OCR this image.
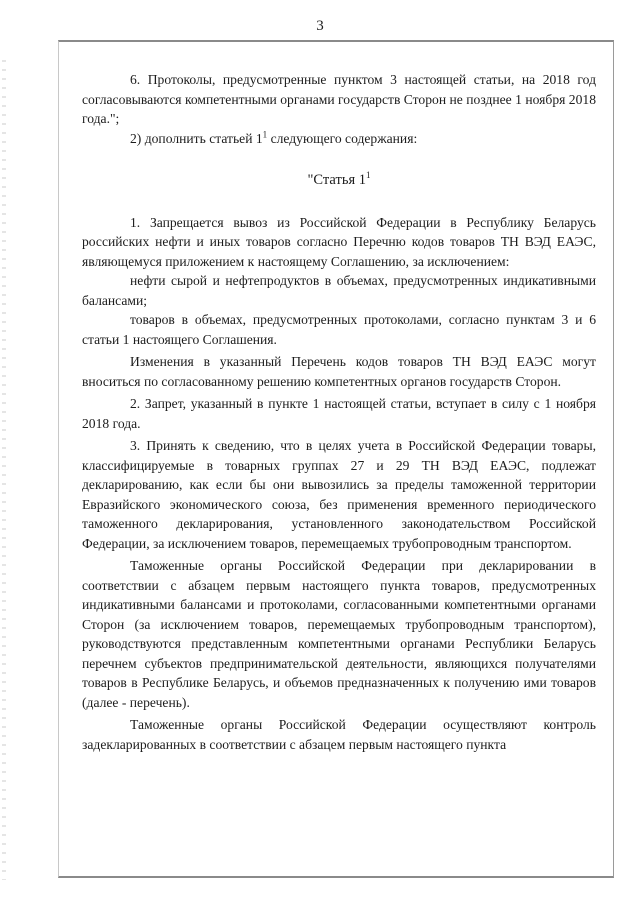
3

6. Протоколы, предусмотренные пунктом 3 настоящей статьи, на 2018 год согласовываются компетентными органами государств Сторон не позднее 1 ноября 2018 года.";

2) дополнить статьей $1^1$ следующего содержания:

"Статья $1^1$

1. Запрещается вывоз из Российской Федерации в Республику Беларусь российских нефти и иных товаров согласно Перечню кодов товаров ТН ВЭД ЕАЭС, являющемуся приложением к настоящему Соглашению, за исключением:

нефти сырой и нефтепродуктов в объемах, предусмотренных индикативными балансами;

товаров в объемах, предусмотренных протоколами, согласно пунктам 3 и 6 статьи 1 настоящего Соглашения.

Изменения в указанный Перечень кодов товаров ТН ВЭД ЕАЭС могут вноситься по согласованному решению компетентных органов государств Сторон.

2. Запрет, указанный в пункте 1 настоящей статьи, вступает в силу с 1 ноября 2018 года.

3. Принять к сведению, что в целях учета в Российской Федерации товары, классифицируемые в товарных группах 27 и 29 ТН ВЭД ЕАЭС, подлежат декларированию, как если бы они вывозились за пределы таможенной территории Евразийского экономического союза, без применения временного периодического таможенного декларирования, установленного законодательством Российской Федерации, за исключением товаров, перемещаемых трубопроводным транспортом.

Таможенные органы Российской Федерации при декларировании в соответствии с абзацем первым настоящего пункта товаров, предусмотренных индикативными балансами и протоколами, согласованными компетентными органами Сторон (за исключением товаров, перемещаемых трубопроводным транспортом), руководствуются представленным компетентными органами Республики Беларусь перечнем субъектов предпринимательской деятельности, являющихся получателями товаров в Республике Беларусь, и объемов предназначенных к получению ими товаров (далее - перечень).

Таможенные органы Российской Федерации осуществляют контроль задекларированных в соответствии с абзацем первым настоящего пункта
